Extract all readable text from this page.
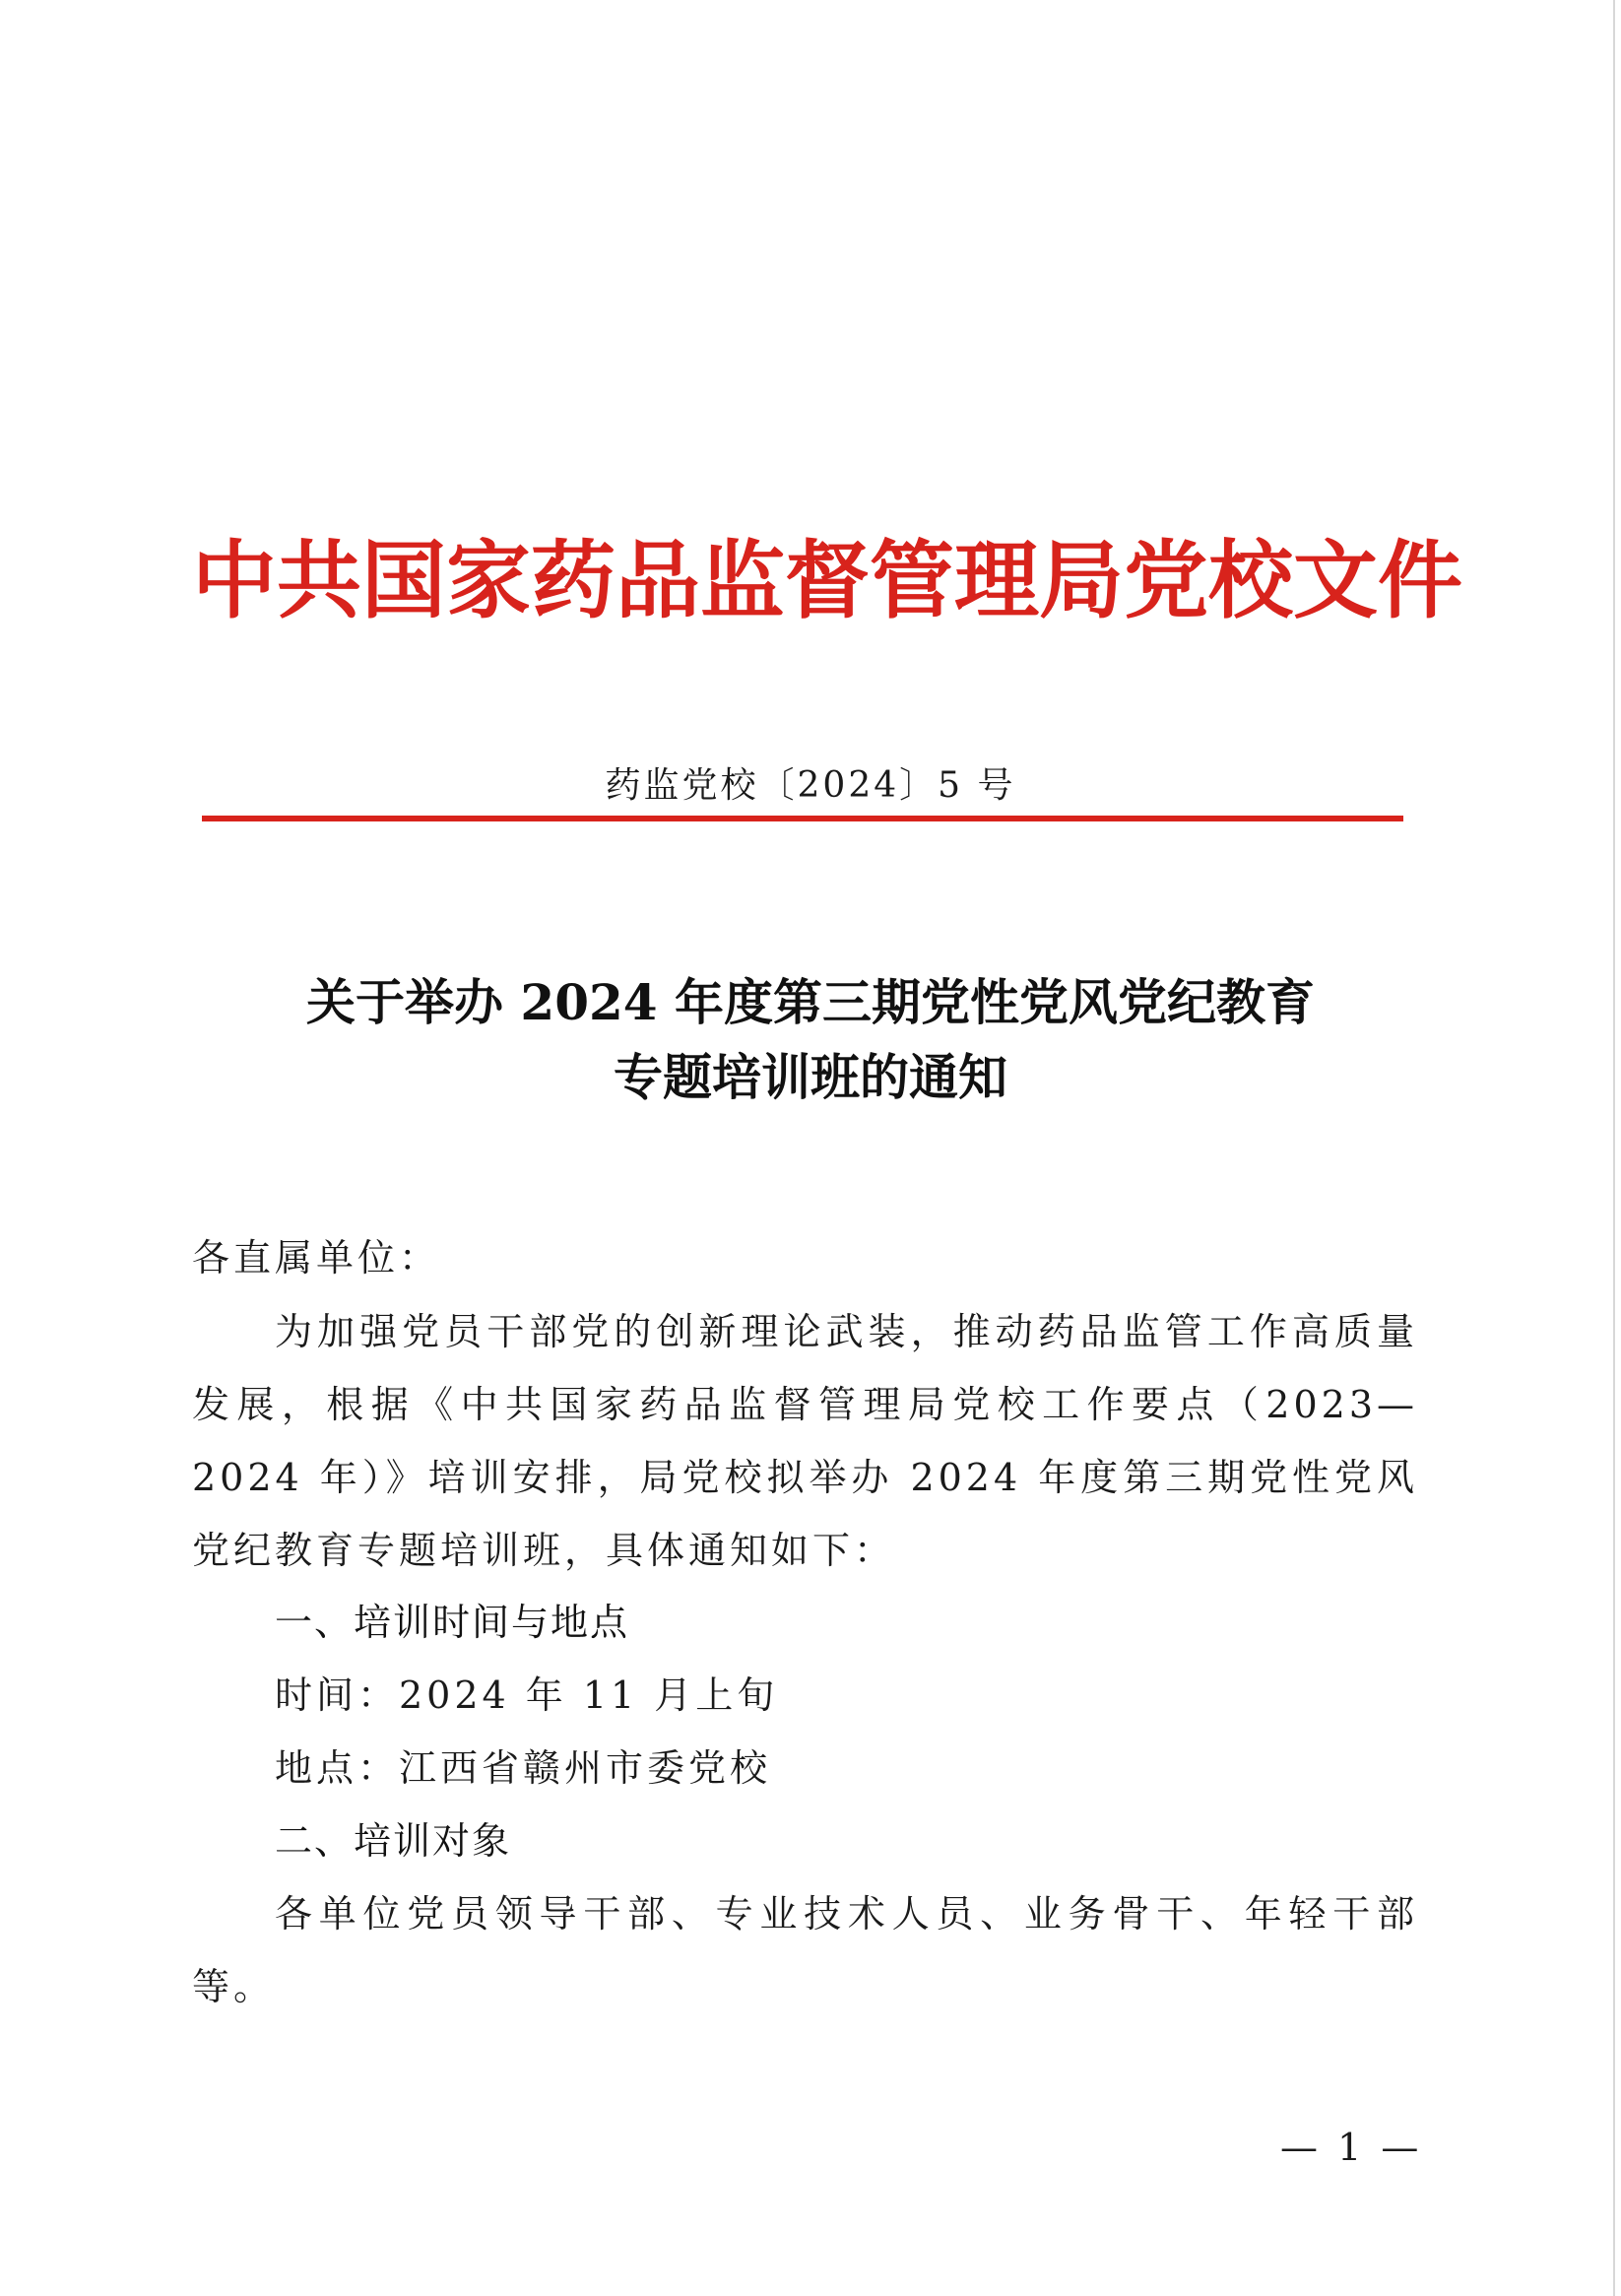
中共国家药品监督管理局党校文件
药监党校〔2024〕5 号
关于举办 2024 年度第三期党性党风党纪教育
专题培训班的通知
各直属单位：
为加强党员干部党的创新理论武装，推动药品监管工作高质量发展，根据《中共国家药品监督管理局党校工作要点（2023—2024 年）》培训安排，局党校拟举办 2024 年度第三期党性党风党纪教育专题培训班，具体通知如下：
一、培训时间与地点
时间：2024 年 11 月上旬
地点：江西省赣州市委党校
二、培训对象
各单位党员领导干部、专业技术人员、业务骨干、年轻干部等。
— 1 —
